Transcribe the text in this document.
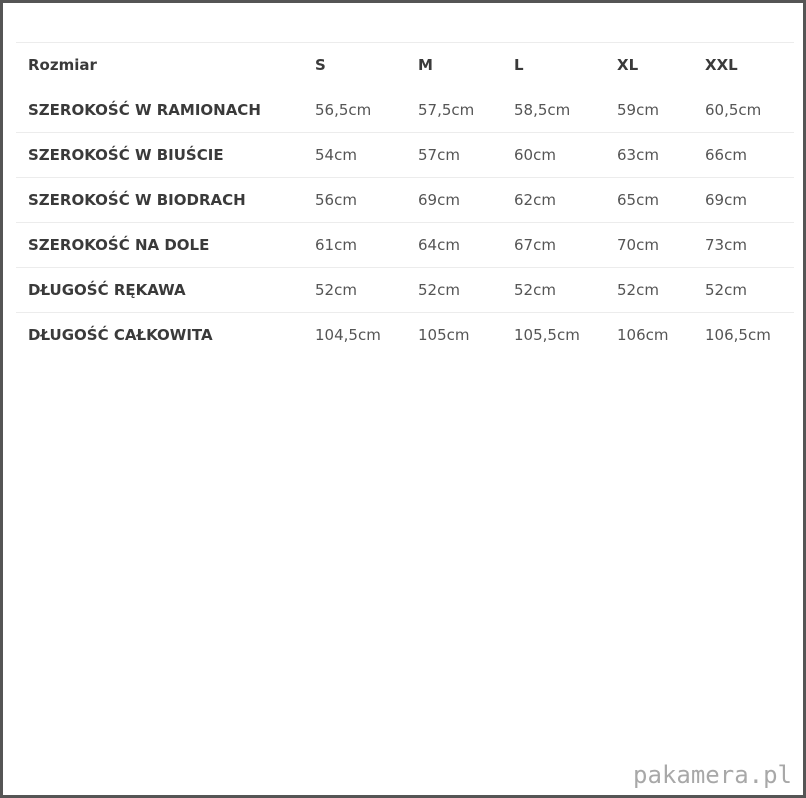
Rozmiar	S	M	L	XL	XXL
SZEROKOŚĆ W RAMIONACH	56,5cm	57,5cm	58,5cm	59cm	60,5cm
SZEROKOŚĆ W BIUŚCIE	54cm	57cm	60cm	63cm	66cm
SZEROKOŚĆ W BIODRACH	56cm	69cm	62cm	65cm	69cm
SZEROKOŚĆ NA DOLE	61cm	64cm	67cm	70cm	73cm
DŁUGOŚĆ RĘKAWA	52cm	52cm	52cm	52cm	52cm
DŁUGOŚĆ CAŁKOWITA	104,5cm	105cm	105,5cm	106cm	106,5cm
pakamera.pl
